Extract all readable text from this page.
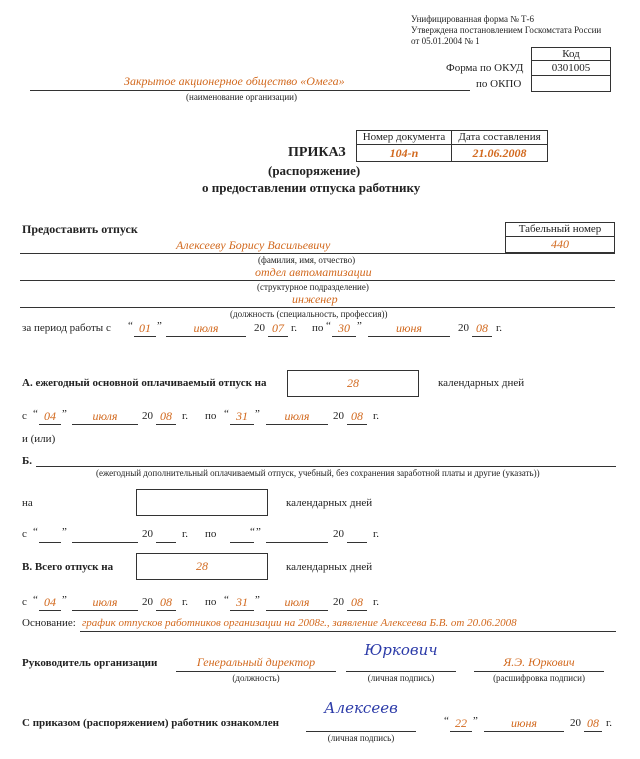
Унифицированная форма № Т-6
Утверждена постановлением Госкомстата России
от 05.01.2004 № 1
Код
0301005
Форма по ОКУД
по ОКПО
Закрытое акционерное общество «Омега»
(наименование организации)
Номер документа	Дата составления
104-п	21.06.2008
ПРИКАЗ
(распоряжение)
о предоставлении отпуска работнику
Предоставить отпуск	Табельный номер
440
Алексееву Борису Васильевичу
(фамилия, имя, отчество)
отдел автоматизации
(структурное подразделение)
инженер
(должность (специальность, профессия))
за период работы с “ 01 ”	июля	20 07 г. по “ 30 ”	июня	20 08 г.
А. ежегодный основной оплачиваемый отпуск на	28	календарных дней
с “ 04 ”	июля	20 08 г. по “ 31 ”	июля	20 08 г.
и (или)
Б.
(ежегодный дополнительный оплачиваемый отпуск, учебный, без сохранения заработной платы и другие (указать))
на	календарных дней
с “ ”	20	г. по	“ ”	20	г.
В. Всего отпуск на	28	календарных дней
с “ 04 ”	июля	20 08 г. по “ 31 ”	июля	20 08 г.
Основание: график отпусков работников организации на 2008г., заявление Алексеева Б.В. от 20.06.2008
Руководитель организации	Генеральный директор
(должность)
Юркович
(личная подпись)
Я.Э. Юркович
(расшифровка подписи)
С приказом (распоряжением) работник ознакомлен
Алексеев
(личная подпись)
“ 22 ”	июня	20 08 г.
